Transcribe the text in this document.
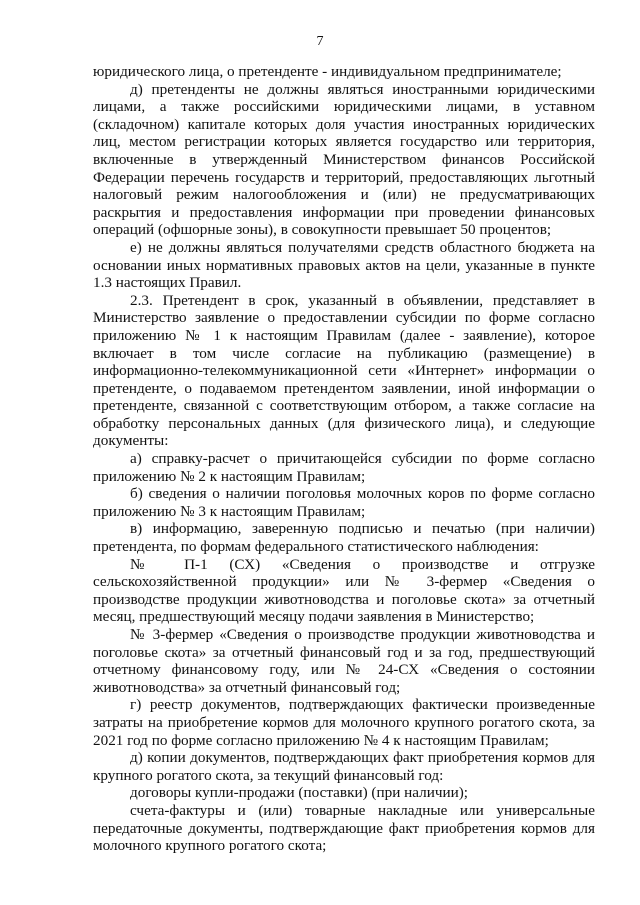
7

юридического лица, о претенденте - индивидуальном предпринимателе;

д) претенденты не должны являться иностранными юридическими лицами, а также российскими юридическими лицами, в уставном (складочном) капитале которых доля участия иностранных юридических лиц, местом регистрации которых является государство или территория, включенные в утвержденный Министерством финансов Российской Федерации перечень государств и территорий, предоставляющих льготный налоговый режим налогообложения и (или) не предусматривающих раскрытия и предоставления информации при проведении финансовых операций (офшорные зоны), в совокупности превышает 50 процентов;

е) не должны являться получателями средств областного бюджета на основании иных нормативных правовых актов на цели, указанные в пункте 1.3 настоящих Правил.

2.3. Претендент в срок, указанный в объявлении, представляет в Министерство заявление о предоставлении субсидии по форме согласно приложению № 1 к настоящим Правилам (далее - заявление), которое включает в том числе согласие на публикацию (размещение) в информационно-телекоммуникационной сети «Интернет» информации о претенденте, о подаваемом претендентом заявлении, иной информации о претенденте, связанной с соответствующим отбором, а также согласие на обработку персональных данных (для физического лица), и следующие документы:

а) справку-расчет о причитающейся субсидии по форме согласно приложению № 2 к настоящим Правилам;

б) сведения о наличии поголовья молочных коров по форме согласно приложению № 3 к настоящим Правилам;

в) информацию, заверенную подписью и печатью (при наличии) претендента, по формам федерального статистического наблюдения:

№ П-1 (СХ) «Сведения о производстве и отгрузке сельскохозяйственной продукции» или № 3-фермер «Сведения о производстве продукции животноводства и поголовье скота» за отчетный месяц, предшествующий месяцу подачи заявления в Министерство;

№ 3-фермер «Сведения о производстве продукции животноводства и поголовье скота» за отчетный финансовый год и за год, предшествующий отчетному финансовому году, или № 24-СХ «Сведения о состоянии животноводства» за отчетный финансовый год;

г) реестр документов, подтверждающих фактически произведенные затраты на приобретение кормов для молочного крупного рогатого скота, за 2021 год по форме согласно приложению № 4 к настоящим Правилам;

д) копии документов, подтверждающих факт приобретения кормов для крупного рогатого скота, за текущий финансовый год:

договоры купли-продажи (поставки) (при наличии);

счета-фактуры и (или) товарные накладные или универсальные передаточные документы, подтверждающие факт приобретения кормов для молочного крупного рогатого скота;
